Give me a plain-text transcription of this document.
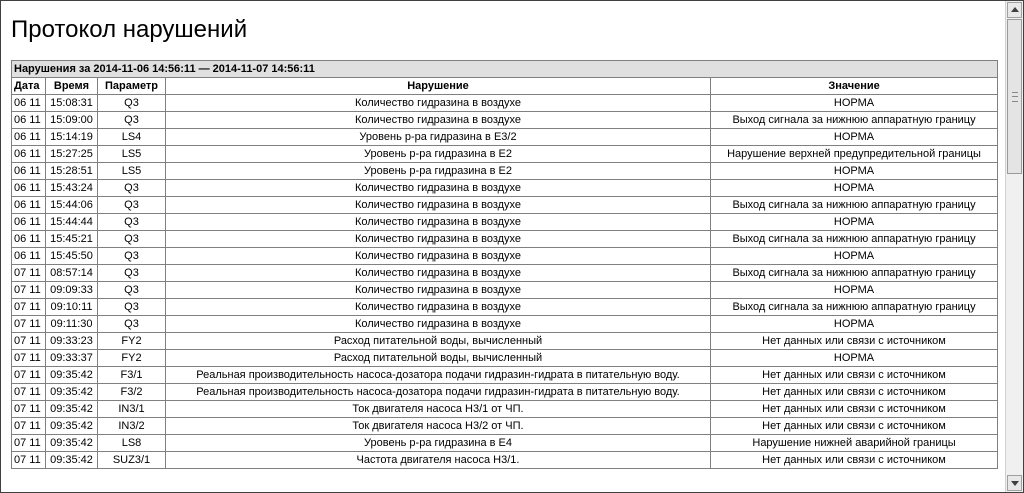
Протокол нарушений
Нарушения за 2014-11-06 14:56:11 — 2014-11-07 14:56:11				
Дата	Время	Параметр	Нарушение	Значение
06 11	15:08:31	Q3	Количество гидразина в воздухе	НОРМА
06 11	15:09:00	Q3	Количество гидразина в воздухе	Выход сигнала за нижнюю аппаратную границу
06 11	15:14:19	LS4	Уровень р-ра гидразина в Е3/2	НОРМА
06 11	15:27:25	LS5	Уровень р-ра гидразина в Е2	Нарушение верхней предупредительной границы
06 11	15:28:51	LS5	Уровень р-ра гидразина в Е2	НОРМА
06 11	15:43:24	Q3	Количество гидразина в воздухе	НОРМА
06 11	15:44:06	Q3	Количество гидразина в воздухе	Выход сигнала за нижнюю аппаратную границу
06 11	15:44:44	Q3	Количество гидразина в воздухе	НОРМА
06 11	15:45:21	Q3	Количество гидразина в воздухе	Выход сигнала за нижнюю аппаратную границу
06 11	15:45:50	Q3	Количество гидразина в воздухе	НОРМА
07 11	08:57:14	Q3	Количество гидразина в воздухе	Выход сигнала за нижнюю аппаратную границу
07 11	09:09:33	Q3	Количество гидразина в воздухе	НОРМА
07 11	09:10:11	Q3	Количество гидразина в воздухе	Выход сигнала за нижнюю аппаратную границу
07 11	09:11:30	Q3	Количество гидразина в воздухе	НОРМА
07 11	09:33:23	FY2	Расход питательной воды, вычисленный	Нет данных или связи с источником
07 11	09:33:37	FY2	Расход питательной воды, вычисленный	НОРМА
07 11	09:35:42	F3/1	Реальная производительность насоса-дозатора подачи гидразин-гидрата в питательную воду.	Нет данных или связи с источником
07 11	09:35:42	F3/2	Реальная производительность насоса-дозатора подачи гидразин-гидрата в питательную воду.	Нет данных или связи с источником
07 11	09:35:42	IN3/1	Ток двигателя насоса Н3/1 от ЧП.	Нет данных или связи с источником
07 11	09:35:42	IN3/2	Ток двигателя насоса Н3/2 от ЧП.	Нет данных или связи с источником
07 11	09:35:42	LS8	Уровень р-ра гидразина в Е4	Нарушение нижней аварийной границы
07 11	09:35:42	SUZ3/1	Частота двигателя насоса Н3/1.	Нет данных или связи с источником
